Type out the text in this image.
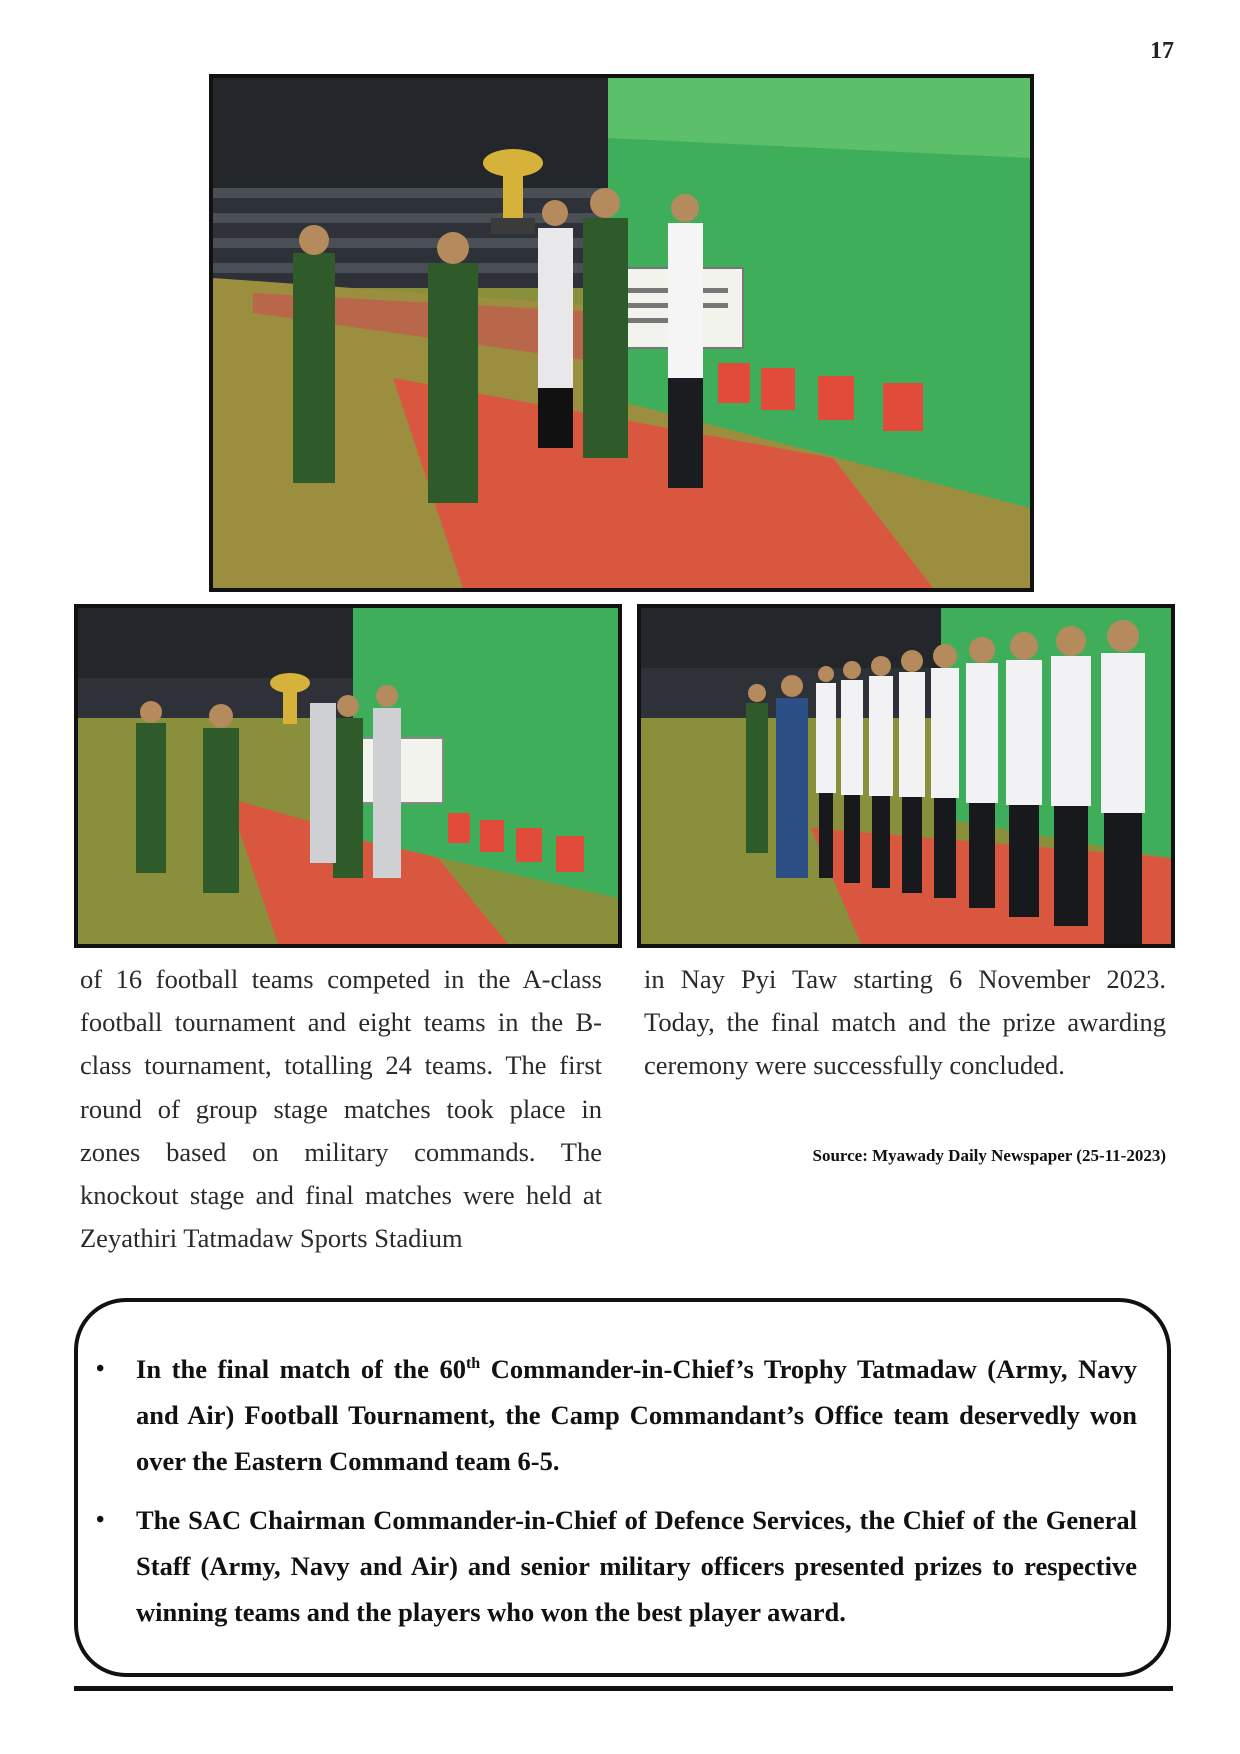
17

of 16 football teams competed in the A-class football tournament and eight teams in the B-class tournament, totalling 24 teams. The first round of group stage matches took place in zones based on military commands. The knockout stage and final matches were held at Zeyathiri Tatmadaw Sports Stadium

in Nay Pyi Taw starting 6 November 2023. Today, the final match and the prize awarding ceremony were successfully concluded.

Source: Myawady Daily Newspaper (25-11-2023)
• In the final match of the 60th Commander-in-Chief’s Trophy Tatmadaw (Army, Navy and Air) Football Tournament, the Camp Commandant’s Office team deservedly won over the Eastern Command team 6-5.
• The SAC Chairman Commander-in-Chief of Defence Services, the Chief of the General Staff (Army, Navy and Air) and senior military officers presented prizes to respective winning teams and the players who won the best player award.
